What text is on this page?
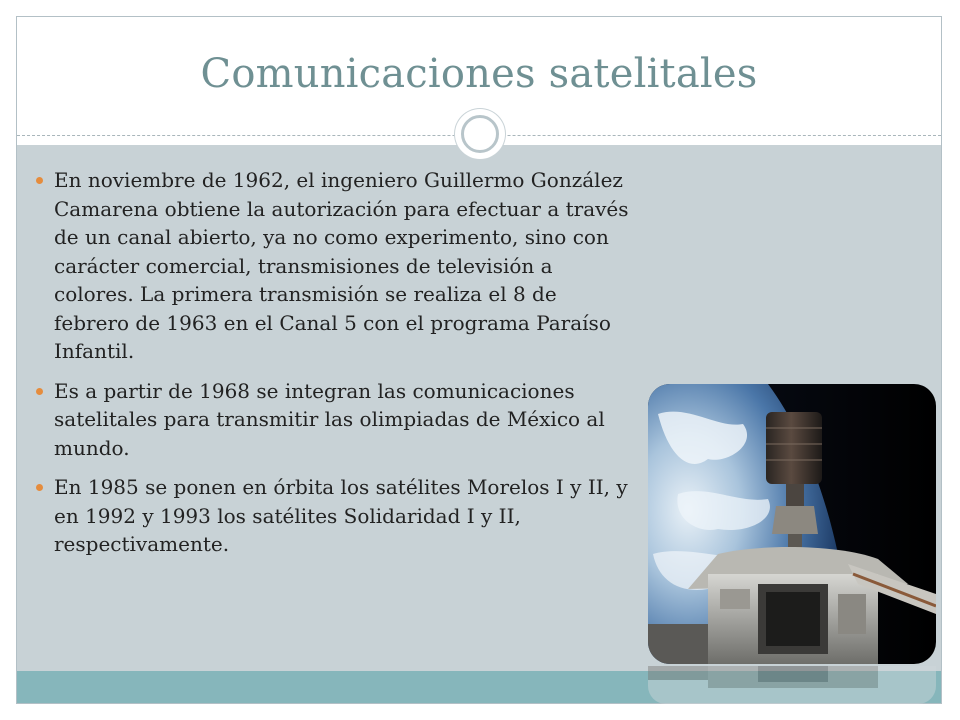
Comunicaciones satelitales
En noviembre de 1962, el ingeniero Guillermo González Camarena obtiene la autorización para efectuar a través de un canal abierto, ya no como experimento, sino con carácter comercial, transmisiones de televisión a colores. La primera transmisión se realiza el 8 de febrero de 1963 en el Canal 5 con el programa Paraíso Infantil.
Es a partir de 1968 se integran las comunicaciones satelitales para transmitir las olimpiadas de México al mundo.
En 1985 se ponen en órbita los satélites Morelos I y II, y en 1992 y 1993 los satélites Solidaridad I y II, respectivamente.
